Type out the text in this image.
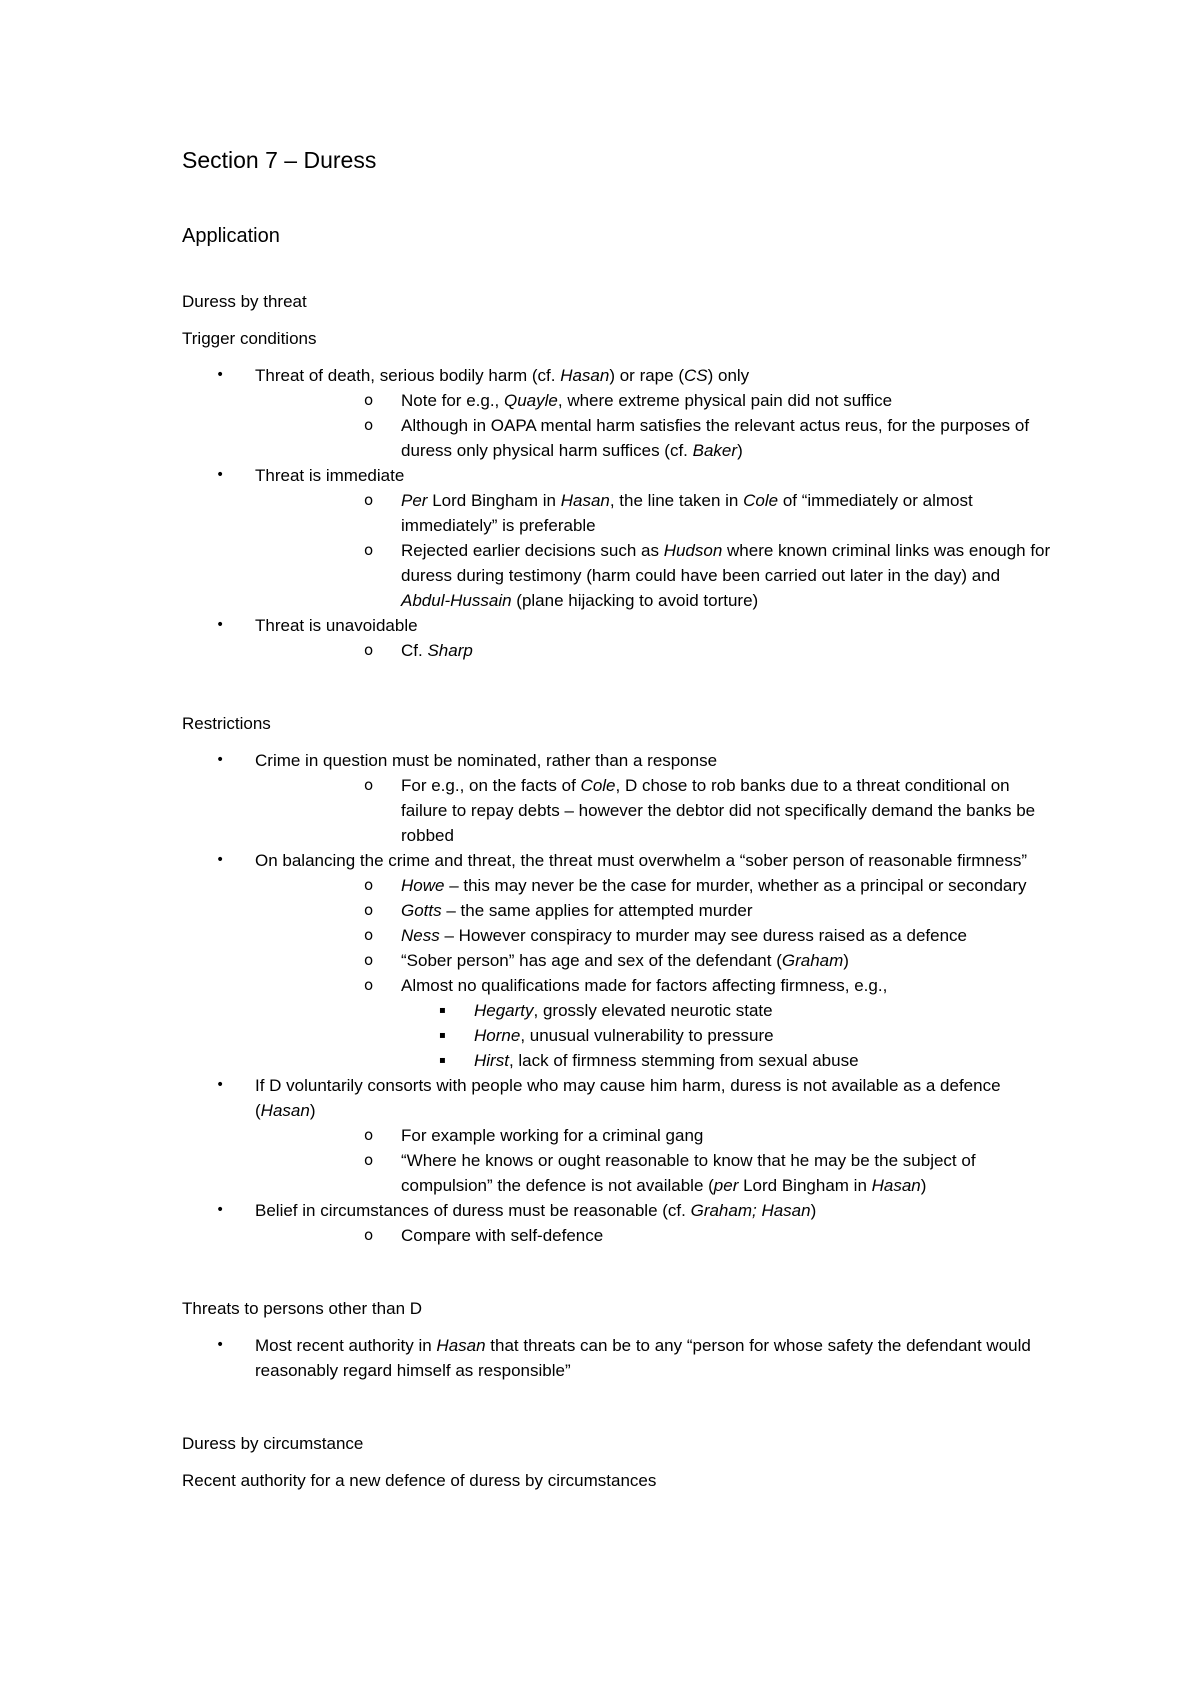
Section 7 – Duress
Application

Duress by threat

Trigger conditions

• Threat of death, serious bodily harm (cf. Hasan) or rape (CS) only
o Note for e.g., Quayle, where extreme physical pain did not suffice
o Although in OAPA mental harm satisfies the relevant actus reus, for the purposes of duress only physical harm suffices (cf. Baker)
• Threat is immediate
o Per Lord Bingham in Hasan, the line taken in Cole of “immediately or almost immediately” is preferable
o Rejected earlier decisions such as Hudson where known criminal links was enough for duress during testimony (harm could have been carried out later in the day) and Abdul-Hussain (plane hijacking to avoid torture)
• Threat is unavoidable
o Cf. Sharp

Restrictions

• Crime in question must be nominated, rather than a response
o For e.g., on the facts of Cole, D chose to rob banks due to a threat conditional on failure to repay debts – however the debtor did not specifically demand the banks be robbed
• On balancing the crime and threat, the threat must overwhelm a “sober person of reasonable firmness”
o Howe – this may never be the case for murder, whether as a principal or secondary
o Gotts – the same applies for attempted murder
o Ness – However conspiracy to murder may see duress raised as a defence
o “Sober person” has age and sex of the defendant (Graham)
o Almost no qualifications made for factors affecting firmness, e.g.,
▪ Hegarty, grossly elevated neurotic state
▪ Horne, unusual vulnerability to pressure
▪ Hirst, lack of firmness stemming from sexual abuse
• If D voluntarily consorts with people who may cause him harm, duress is not available as a defence (Hasan)
o For example working for a criminal gang
o “Where he knows or ought reasonable to know that he may be the subject of compulsion” the defence is not available (per Lord Bingham in Hasan)
• Belief in circumstances of duress must be reasonable (cf. Graham; Hasan)
o Compare with self-defence

Threats to persons other than D

• Most recent authority in Hasan that threats can be to any “person for whose safety the defendant would reasonably regard himself as responsible”

Duress by circumstance

Recent authority for a new defence of duress by circumstances
